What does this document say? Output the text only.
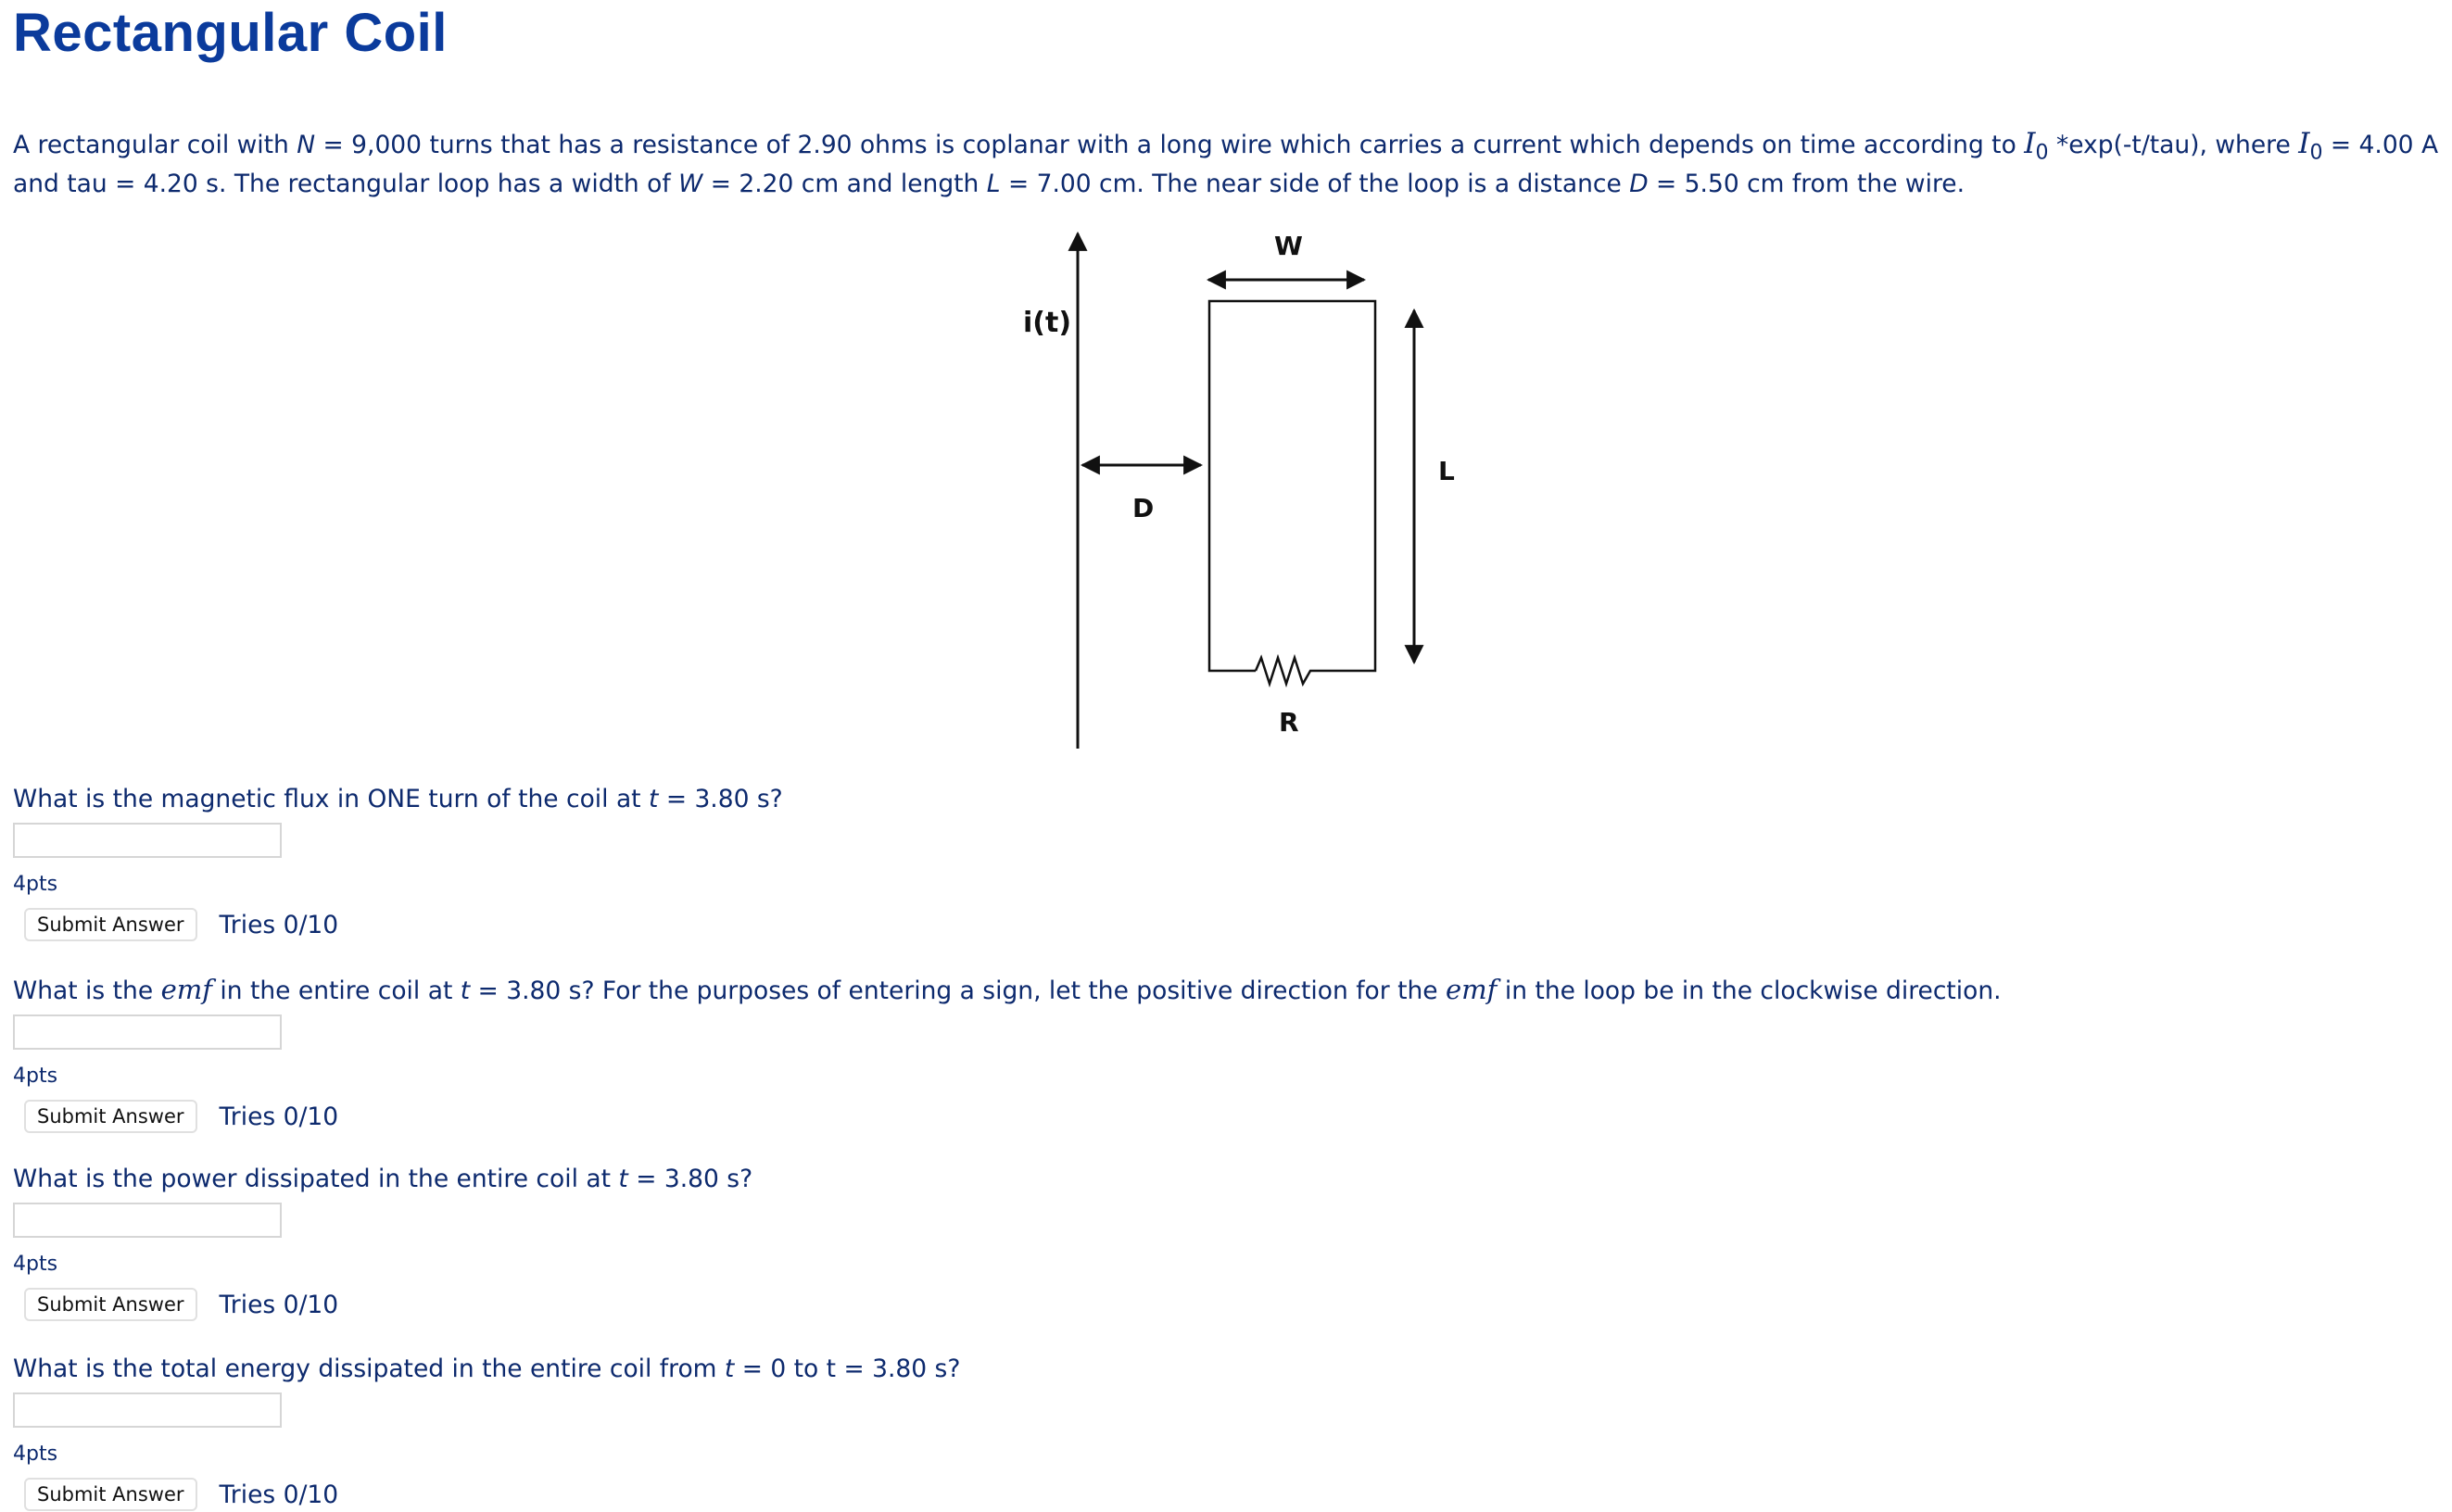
Rectangular Coil
A rectangular coil with N = 9,000 turns that has a resistance of 2.90 ohms is coplanar with a long wire which carries a current which depends on time according to $I_0$ *exp(-t/tau), where $I_0 = 4.00$ A and tau = 4.20 s. The rectangular loop has a width of W = 2.20 cm and length L = 7.00 cm. The near side of the loop is a distance D = 5.50 cm from the wire.
i(t)
D
W
R
L
What is the magnetic flux in ONE turn of the coil at t = 3.80 s?
4pts
Submit Answer	Tries 0/10
What is the emf in the entire coil at t = 3.80 s? For the purposes of entering a sign, let the positive direction for the emf in the loop be in the clockwise direction.
4pts
Submit Answer	Tries 0/10
What is the power dissipated in the entire coil at t = 3.80 s?
4pts
Submit Answer	Tries 0/10
What is the total energy dissipated in the entire coil from t = 0 to t = 3.80 s?
4pts
Submit Answer	Tries 0/10
